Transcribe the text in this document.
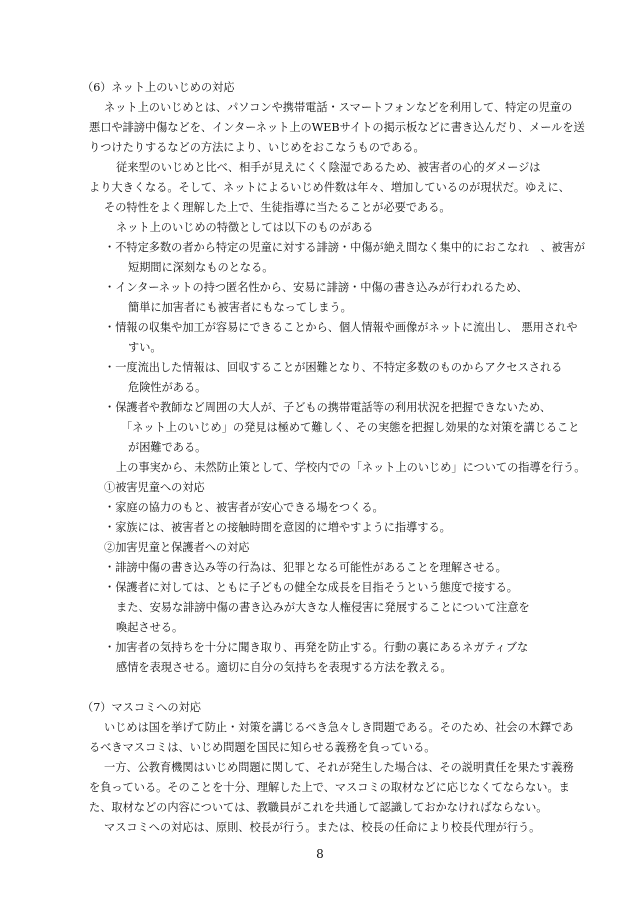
（6）ネット上のいじめの対応
ネット上のいじめとは、パソコンや携帯電話・スマートフォンなどを利用して、特定の児童の
悪口や誹謗中傷などを、インターネット上のWEBサイトの掲示板などに書き込んだり、メールを送
りつけたりするなどの方法により、いじめをおこなうものである。
従来型のいじめと比べ、相手が見えにくく陰湿であるため、被害者の心的ダメージは
より大きくなる。そして、ネットによるいじめ件数は年々、増加しているのが現状だ。ゆえに、
その特性をよく理解した上で、生徒指導に当たることが必要である。
ネット上のいじめの特徴としては以下のものがある
・不特定多数の者から特定の児童に対する誹謗・中傷が絶え間なく集中的におこなれ　、被害が
短期間に深刻なものとなる。
・インターネットの持つ匿名性から、安易に誹謗・中傷の書き込みが行われるため、
簡単に加害者にも被害者にもなってしまう。
・情報の収集や加工が容易にできることから、個人情報や画像がネットに流出し、 悪用されや
すい。
・一度流出した情報は、回収することが困難となり、不特定多数のものからアクセスされる
危険性がある。
・保護者や教師など周囲の大人が、子どもの携帯電話等の利用状況を把握できないため、
「ネット上のいじめ」の発見は極めて難しく、その実態を把握し効果的な対策を講じること
が困難である。
上の事実から、未然防止策として、学校内での「ネット上のいじめ」についての指導を行う。
①被害児童への対応
・家庭の協力のもと、被害者が安心できる場をつくる。
・家族には、被害者との接触時間を意図的に増やすように指導する。
②加害児童と保護者への対応
・誹謗中傷の書き込み等の行為は、犯罪となる可能性があることを理解させる。
・保護者に対しては、ともに子どもの健全な成長を目指そうという態度で接する。
また、安易な誹謗中傷の書き込みが大きな人権侵害に発展することについて注意を
喚起させる。
・加害者の気持ちを十分に聞き取り、再発を防止する。行動の裏にあるネガティブな
感情を表現させる。適切に自分の気持ちを表現する方法を教える。
（7）マスコミへの対応
いじめは国を挙げて防止・対策を講じるべき急々しき問題である。そのため、社会の木鐸であ
るべきマスコミは、いじめ問題を国民に知らせる義務を負っている。
一方、公教育機関はいじめ問題に関して、それが発生した場合は、その説明責任を果たす義務
を負っている。そのことを十分、理解した上で、マスコミの取材などに応じなくてならない。ま
た、取材などの内容については、教職員がこれを共通して認識しておかなければならない。
マスコミへの対応は、原則、校長が行う。または、校長の任命により校長代理が行う。
8
